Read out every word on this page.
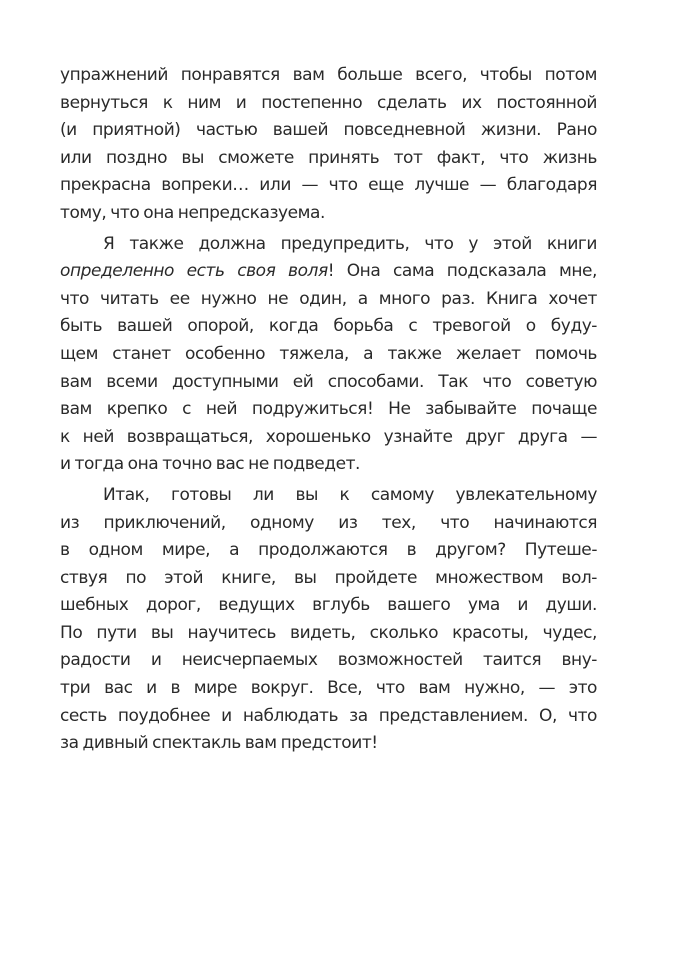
упражнений понравятся вам больше всего, чтобы потом
вернуться к ним и постепенно сделать их постоянной
(и приятной) частью вашей повседневной жизни. Рано
или поздно вы сможете принять тот факт, что жизнь
прекрасна вопреки… или — что еще лучше — благодаря
тому, что она непредсказуема.
Я также должна предупредить, что у этой книги
определенно есть своя воля! Она сама подсказала мне,
что читать ее нужно не один, а много раз. Книга хочет
быть вашей опорой, когда борьба с тревогой о буду-
щем станет особенно тяжела, а также желает помочь
вам всеми доступными ей способами. Так что советую
вам крепко с ней подружиться! Не забывайте почаще
к ней возвращаться, хорошенько узнайте друг друга —
и тогда она точно вас не подведет.
Итак, готовы ли вы к самому увлекательному
из приключений, одному из тех, что начинаются
в одном мире, а продолжаются в другом? Путеше-
ствуя по этой книге, вы пройдете множеством вол-
шебных дорог, ведущих вглубь вашего ума и души.
По пути вы научитесь видеть, сколько красоты, чудес,
радости и неисчерпаемых возможностей таится вну-
три вас и в мире вокруг. Все, что вам нужно, — это
сесть поудобнее и наблюдать за представлением. О, что
за дивный спектакль вам предстоит!
